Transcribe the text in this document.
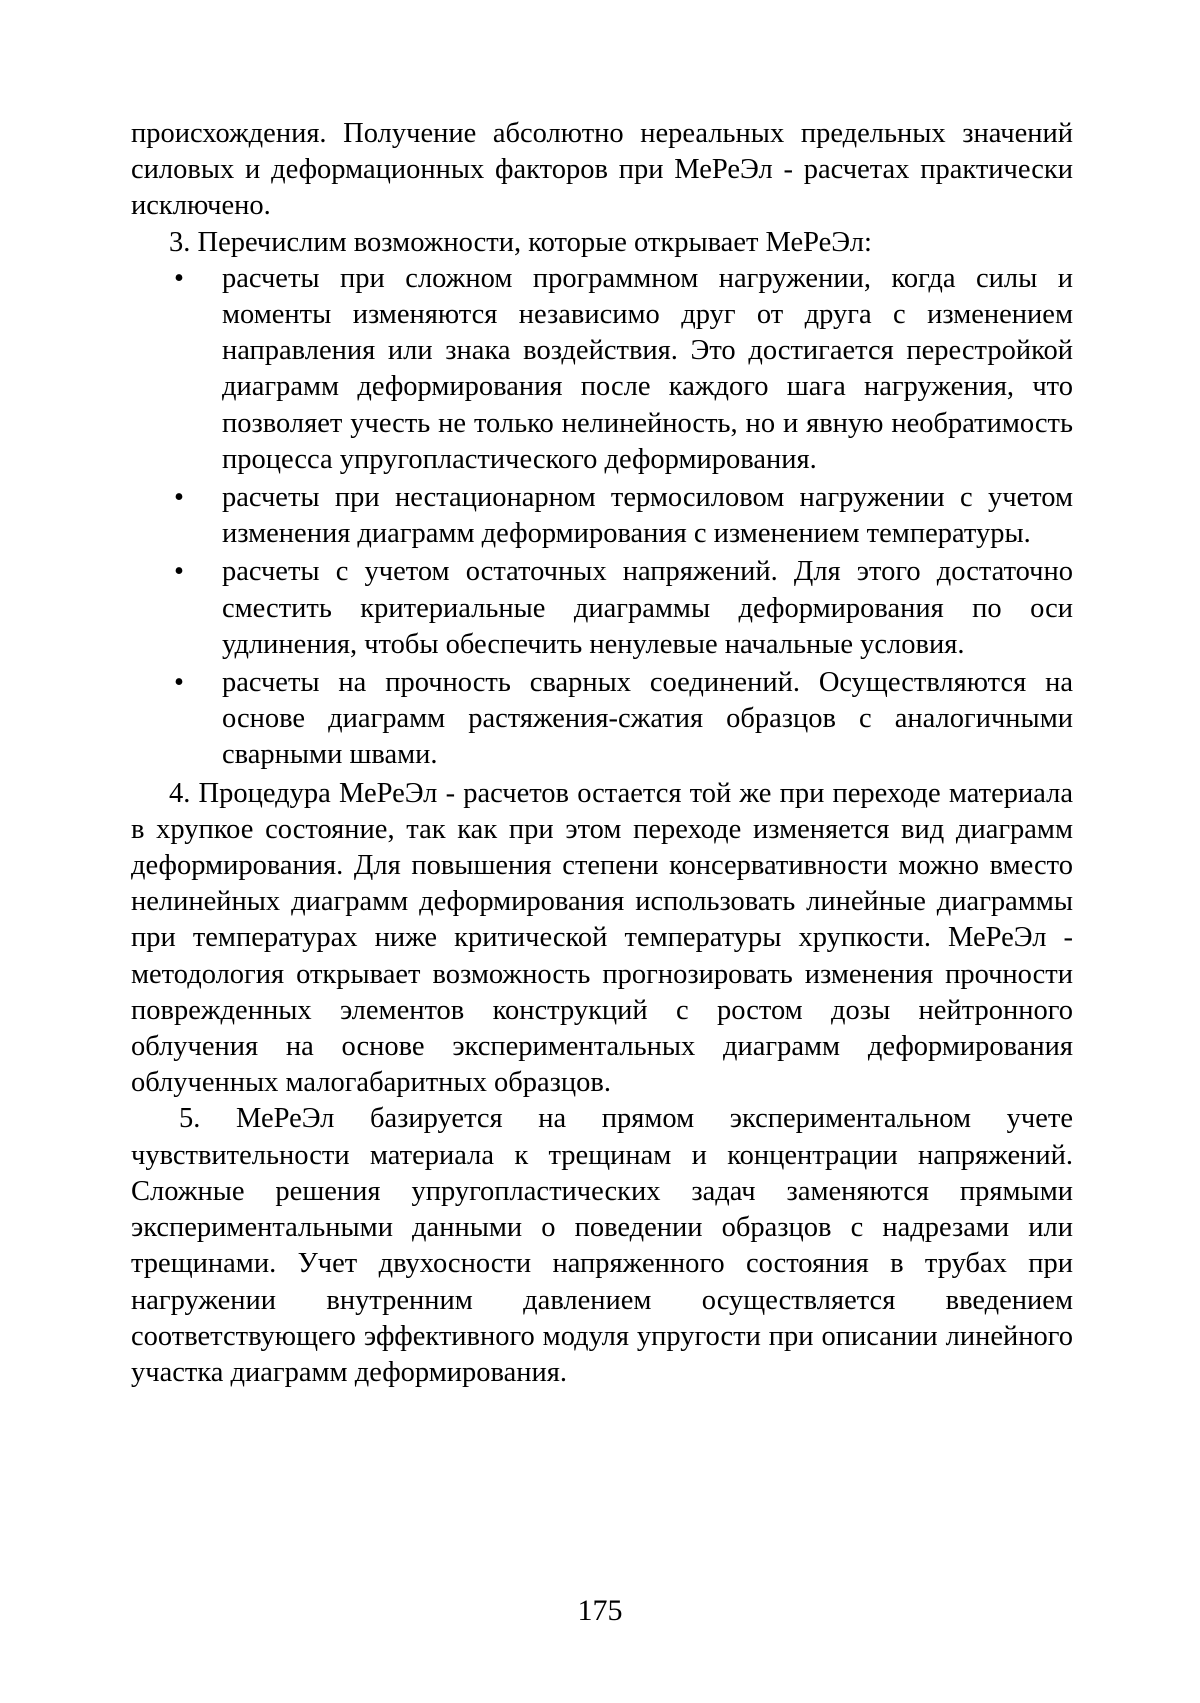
происхождения. Получение абсолютно нереальных предельных значений силовых и деформационных факторов при МеРеЭл - расчетах практически исключено.

3. Перечислим возможности, которые открывает МеРеЭл:

• расчеты при сложном программном нагружении, когда силы и моменты изменяются независимо друг от друга с изменением направления или знака воздействия. Это достигается перестройкой диаграмм деформирования после каждого шага нагружения, что позволяет учесть не только нелинейность, но и явную необратимость процесса упругопластического деформирования.

• расчеты при нестационарном термосиловом нагружении с учетом изменения диаграмм деформирования с изменением температуры.

• расчеты с учетом остаточных напряжений. Для этого достаточно сместить критериальные диаграммы деформирования по оси удлинения, чтобы обеспечить ненулевые начальные условия.

• расчеты на прочность сварных соединений. Осуществляются на основе диаграмм растяжения-сжатия образцов с аналогичными сварными швами.

4. Процедура МеРеЭл - расчетов остается той же при переходе материала в хрупкое состояние, так как при этом переходе изменяется вид диаграмм деформирования. Для повышения степени консервативности можно вместо нелинейных диаграмм деформирования использовать линейные диаграммы при температурах ниже критической температуры хрупкости. МеРеЭл - методология открывает возможность прогнозировать изменения прочности поврежденных элементов конструкций с ростом дозы нейтронного облучения на основе экспериментальных диаграмм деформирования облученных малогабаритных образцов.

5. МеРеЭл базируется на прямом экспериментальном учете чувствительности материала к трещинам и концентрации напряжений. Сложные решения упругопластических задач заменяются прямыми экспериментальными данными о поведении образцов с надрезами или трещинами. Учет двухосности напряженного состояния в трубах при нагружении внутренним давлением осуществляется введением соответствующего эффективного модуля упругости при описании линейного участка диаграмм деформирования.

175
